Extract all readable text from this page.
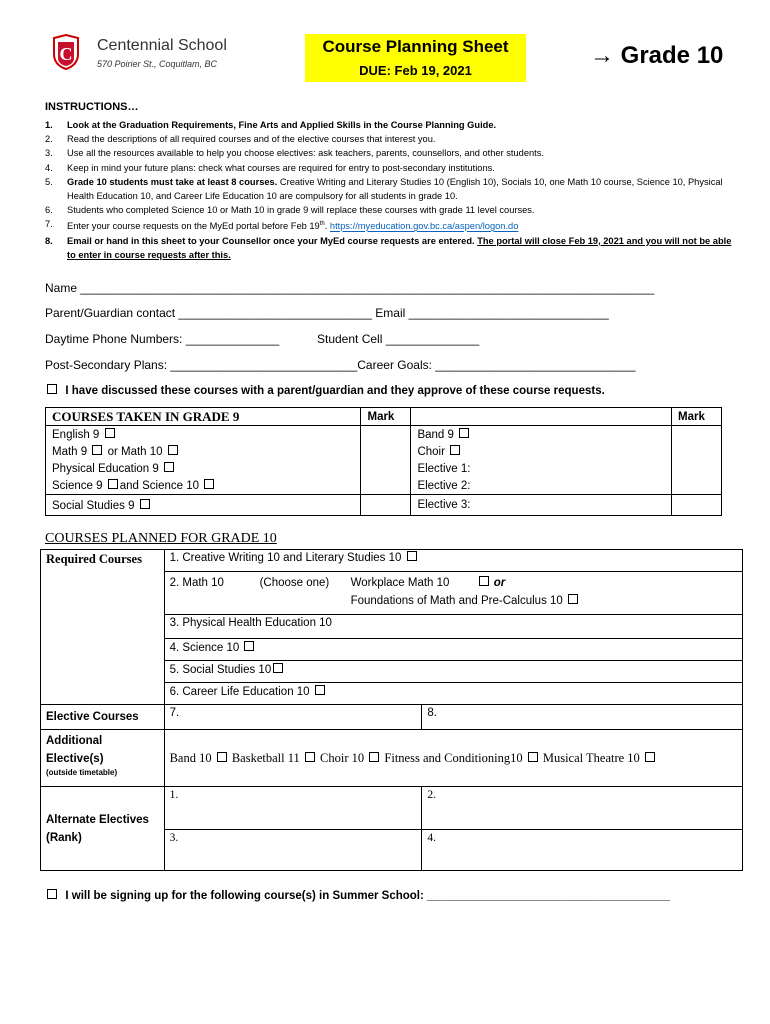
C Centennial School
570 Poirier St., Coquitlam, BC
Course Planning Sheet
DUE: Feb 19, 2021
→ Grade 10
INSTRUCTIONS…
1.	Look at the Graduation Requirements, Fine Arts and Applied Skills in the Course Planning Guide.
2.	Read the descriptions of all required courses and of the elective courses that interest you.
3.	Use all the resources available to help you choose electives: ask teachers, parents, counsellors, and other students.
4.	Keep in mind your future plans: check what courses are required for entry to post-secondary institutions.
5.	Grade 10 students must take at least 8 courses. Creative Writing and Literary Studies 10 (English 10), Socials 10, one Math 10 course, Science 10, Physical Health Education 10, and Career Life Education 10 are compulsory for all students in grade 10.
6.	Students who completed Science 10 or Math 10 in grade 9 will replace these courses with grade 11 level courses.
7.	Enter your course requests on the MyEd portal before Feb 19th. https://myeducation.gov.bc.ca/aspen/logon.do
8.	Email or hand in this sheet to your Counsellor once your MyEd course requests are entered. The portal will close Feb 19, 2021 and you will not be able to enter in course requests after this.
Name ______________________________________________________________________________________
Parent/Guardian contact _____________________________ Email ______________________________
Daytime Phone Numbers: ______________	Student Cell ______________
Post-Secondary Plans: ____________________________Career Goals: ______________________________
I have discussed these courses with a parent/guardian and they approve of these course requests.
COURSES TAKEN IN GRADE 9	Mark		Mark
English 9		Band 9	
Math 9 or Math 10		Choir	
Physical Education 9		Elective 1:	
Science 9 and Science 10		Elective 2:	
Social Studies 9		Elective 3:	
COURSES PLANNED FOR GRADE 10
Required Courses	1. Creative Writing 10 and Literary Studies 10	
	2. Math 10 (Choose one) Workplace Math 10 or

Foundations of Math and Pre-Calculus 10	

	3. Physical Health Education 10	
	4. Science 10	
	5. Social Studies 10	
	6. Career Life Education 10	
Elective Courses	7.	8.

Additional Elective(s)
(outside timetable)	Band 10 Basketball 11 Choir 10 Fitness and Conditioning10 Musical Theatre 10	
Alternate Electives (Rank)	1.	2.
	3.	4.
I will be signing up for the following course(s) in Summer School: ______________________________________
